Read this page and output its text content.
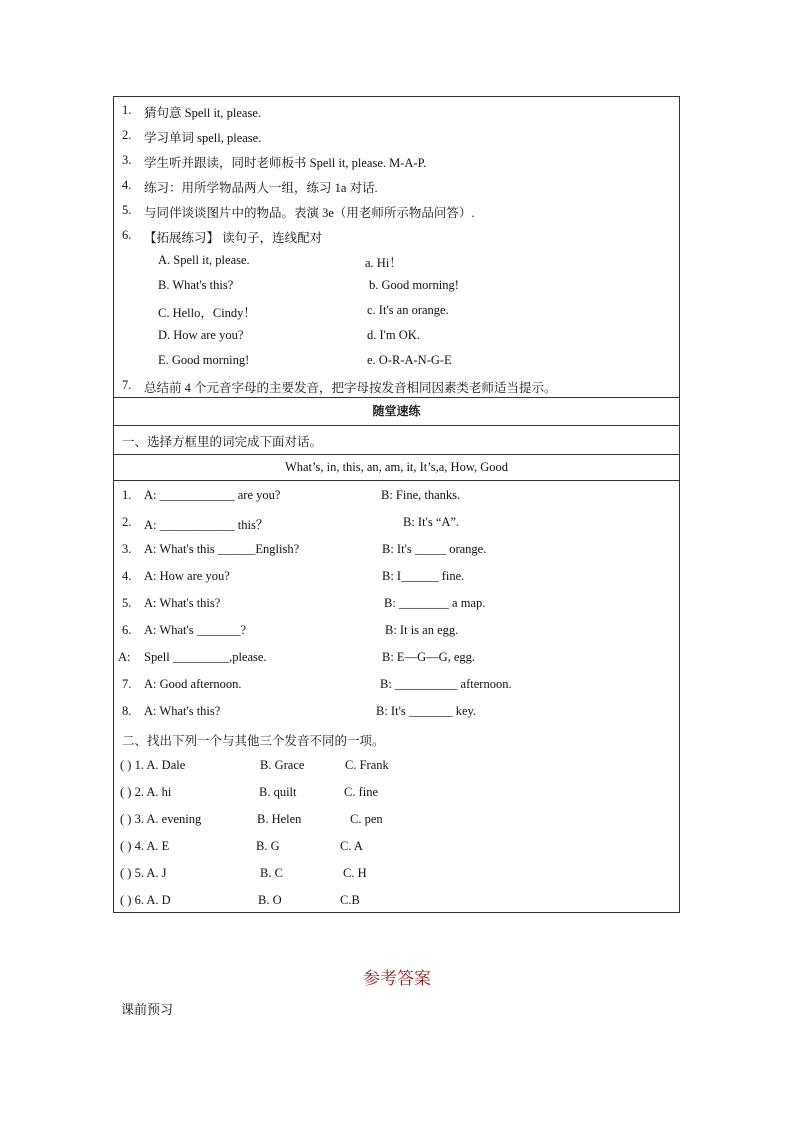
1. 猜句意 Spell it, please.
2. 学习单词 spell, please.
3. 学生听并跟读，同时老师板书 Spell it, please. M-A-P.
4. 练习：用所学物品两人一组，练习 1a 对话.
5. 与同伴谈谈图片中的物品。表演 3e（用老师所示物品问答）.
6. 【拓展练习】 读句子，连线配对
A. Spell it, please.	a. Hi！
B. What's this?	b. Good morning!
C. Hello，Cindy！	c. It's an orange.
D. How are you?	d. I'm OK.
E. Good morning!	e. O-R-A-N-G-E
7. 总结前 4 个元音字母的主要发音，把字母按发音相同因素类老师适当提示。
随堂速练
一、选择方框里的词完成下面对话。
What’s, in, this, an, am, it, It’s,a, How, Good
1. A: ____________ are you?	B: Fine, thanks.
2. A: ____________ this？	B: It's “A”.
3. A: What's this ______English?	B: It's _____ orange.
4. A: How are you?	B: I______ fine.
5. A: What's this?	B: ________ a map.
6. A: What's _______?	B: It is an egg.
A: Spell _________,please.	B: E—G—G, egg.
7. A: Good afternoon.	B: __________ afternoon.
8. A: What's this?	B: It's _______ key.
二、找出下列一个与其他三个发音不同的一项。
( ) 1. A. Dale	B. Grace	C. Frank
( ) 2. A. hi	B. quilt	C. fine
( ) 3. A. evening	B. Helen	C. pen
( ) 4. A. E	B. G	C. A
( ) 5. A. J	B. C	C. H
( ) 6. A. D	B. O	C.B
参考答案
课前预习
